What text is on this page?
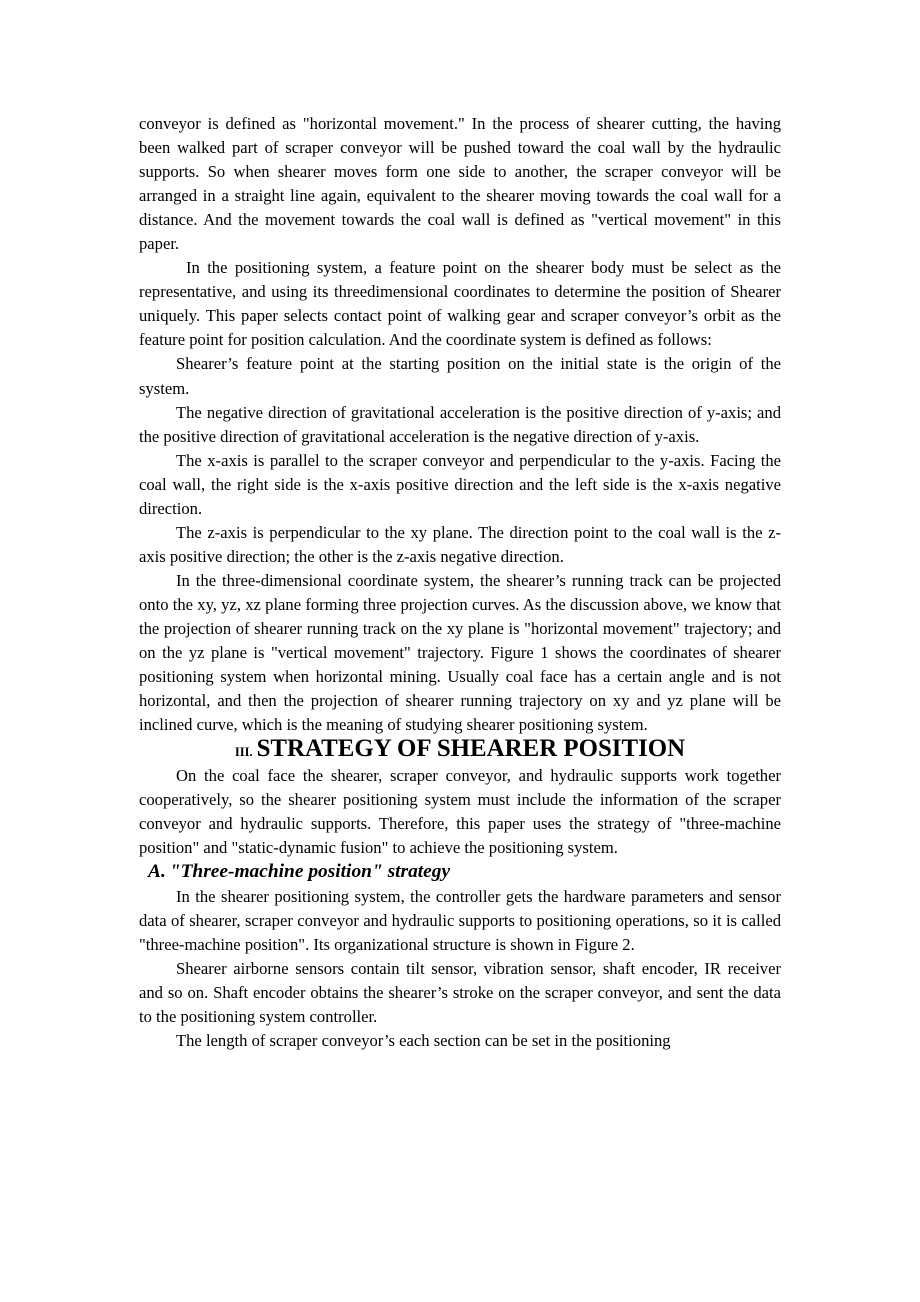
conveyor is defined as "horizontal movement." In the process of shearer cutting, the having been walked part of scraper conveyor will be pushed toward the coal wall by the hydraulic supports. So when shearer moves form one side to another, the scraper conveyor will be arranged in a straight line again, equivalent to the shearer moving towards the coal wall for a distance. And the movement towards the coal wall is defined as "vertical movement" in this paper.

In the positioning system, a feature point on the shearer body must be select as the representative, and using its threedimensional coordinates to determine the position of Shearer uniquely. This paper selects contact point of walking gear and scraper conveyor’s orbit as the feature point for position calculation. And the coordinate system is defined as follows:

Shearer’s feature point at the starting position on the initial state is the origin of the system.

The negative direction of gravitational acceleration is the positive direction of y-axis; and the positive direction of gravitational acceleration is the negative direction of y-axis.

The x-axis is parallel to the scraper conveyor and perpendicular to the y-axis. Facing the coal wall, the right side is the x-axis positive direction and the left side is the x-axis negative direction.

The z-axis is perpendicular to the xy plane. The direction point to the coal wall is the z-axis positive direction; the other is the z-axis negative direction.

In the three-dimensional coordinate system, the shearer’s running track can be projected onto the xy, yz, xz plane forming three projection curves. As the discussion above, we know that the projection of shearer running track on the xy plane is "horizontal movement" trajectory; and on the yz plane is "vertical movement" trajectory. Figure 1 shows the coordinates of shearer positioning system when horizontal mining. Usually coal face has a certain angle and is not horizontal, and then the projection of shearer running trajectory on xy and yz plane will be inclined curve, which is the meaning of studying shearer positioning system.

III. STRATEGY OF SHEARER POSITION

On the coal face the shearer, scraper conveyor, and hydraulic supports work together cooperatively, so the shearer positioning system must include the information of the scraper conveyor and hydraulic supports. Therefore, this paper uses the strategy of "three-machine position" and "static-dynamic fusion" to achieve the positioning system.

A. "Three-machine position" strategy

In the shearer positioning system, the controller gets the hardware parameters and sensor data of shearer, scraper conveyor and hydraulic supports to positioning operations, so it is called "three-machine position". Its organizational structure is shown in Figure 2.

Shearer airborne sensors contain tilt sensor, vibration sensor, shaft encoder, IR receiver and so on. Shaft encoder obtains the shearer’s stroke on the scraper conveyor, and sent the data to the positioning system controller.

The length of scraper conveyor’s each section can be set in the positioning
